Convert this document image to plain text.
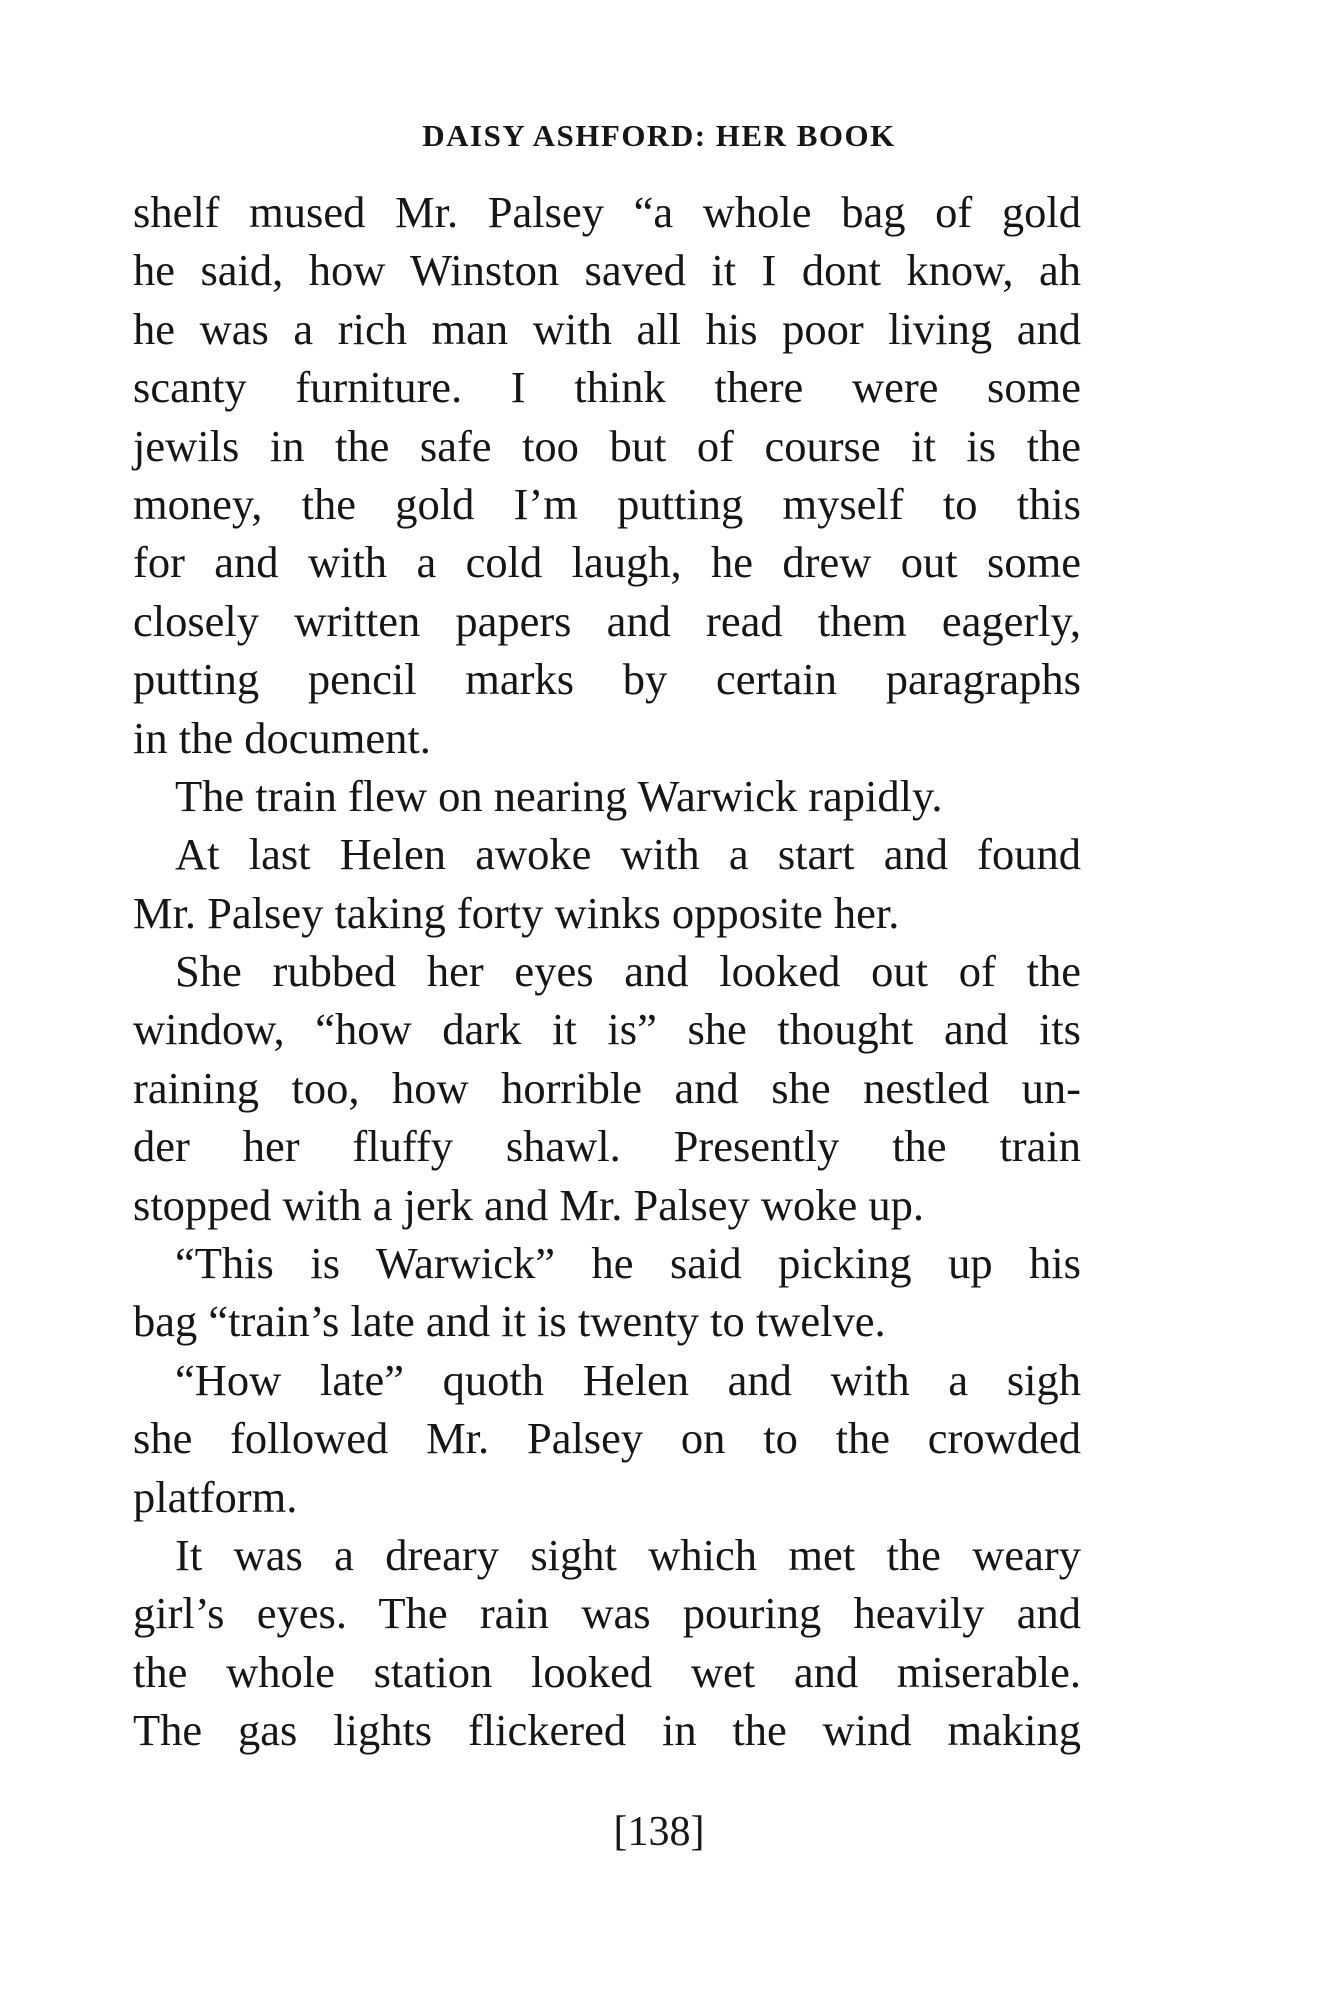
DAISY ASHFORD: HER BOOK
shelf mused Mr. Palsey “a whole bag of gold
he said, how Winston saved it I dont know, ah
he was a rich man with all his poor living and
scanty furniture. I think there were some
jewils in the safe too but of course it is the
money, the gold I’m putting myself to this
for and with a cold laugh, he drew out some
closely written papers and read them eagerly,
putting pencil marks by certain paragraphs
in the document.
The train flew on nearing Warwick rapidly.
At last Helen awoke with a start and found
Mr. Palsey taking forty winks opposite her.
She rubbed her eyes and looked out of the
window, “how dark it is” she thought and its
raining too, how horrible and she nestled un-
der her fluffy shawl. Presently the train
stopped with a jerk and Mr. Palsey woke up.
“This is Warwick” he said picking up his
bag “train’s late and it is twenty to twelve.
“How late” quoth Helen and with a sigh
she followed Mr. Palsey on to the crowded
platform.
It was a dreary sight which met the weary
girl’s eyes. The rain was pouring heavily and
the whole station looked wet and miserable.
The gas lights flickered in the wind making
[138]
